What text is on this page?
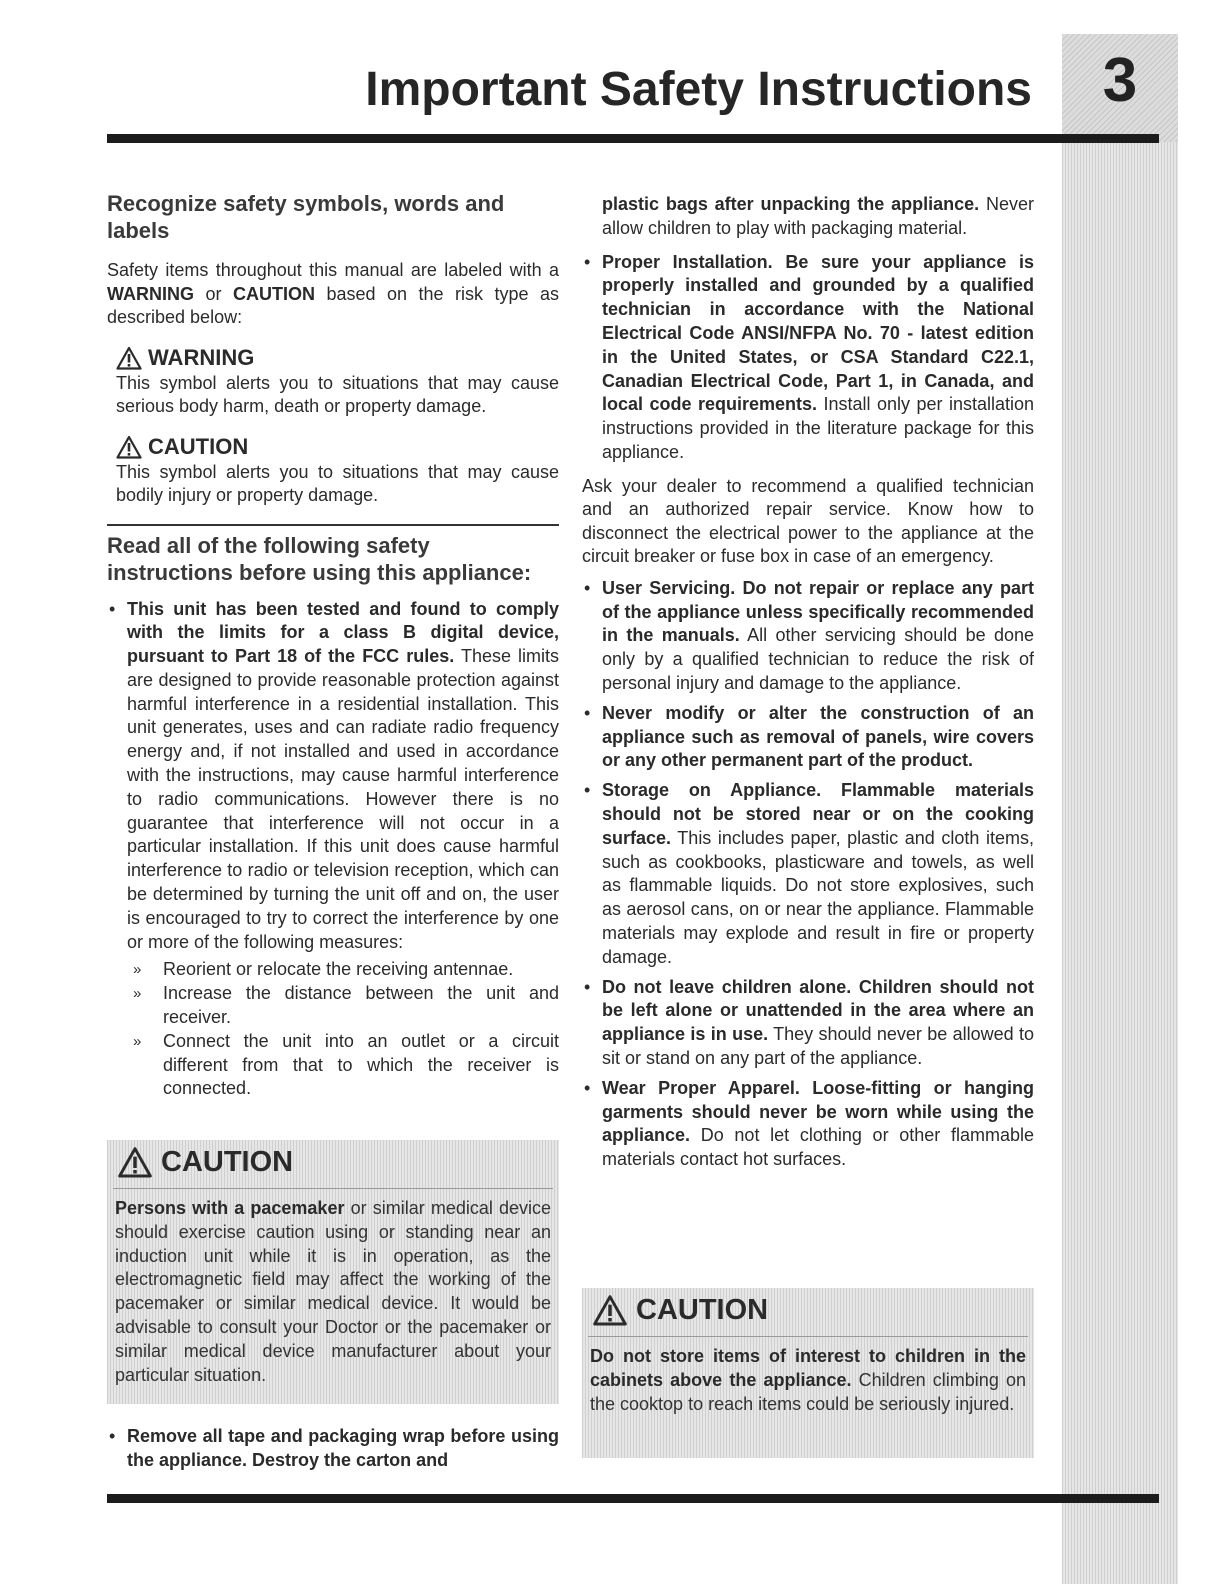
3
Important Safety Instructions
Recognize safety symbols, words and labels

Safety items throughout this manual are labeled with a WARNING or CAUTION based on the risk type as described below:

WARNING

This symbol alerts you to situations that may cause serious body harm, death or property damage.

CAUTION

This symbol alerts you to situations that may cause bodily injury or property damage.

Read all of the following safety instructions before using this appliance:
• This unit has been tested and found to comply with the limits for a class B digital device, pursuant to Part 18 of the FCC rules. These limits are designed to provide reasonable protection against harmful interference in a residential installation. This unit generates, uses and can radiate radio frequency energy and, if not installed and used in accordance with the instructions, may cause harmful interference to radio communications. However there is no guarantee that interference will not occur in a particular installation. If this unit does cause harmful interference to radio or television reception, which can be determined by turning the unit off and on, the user is encouraged to try to correct the interference by one or more of the following measures:
» Reorient or relocate the receiving antennae.
» Increase the distance between the unit and receiver.
» Connect the unit into an outlet or a circuit different from that to which the receiver is connected.
CAUTION
Persons with a pacemaker or similar medical device should exercise caution using or standing near an induction unit while it is in operation, as the electromagnetic field may affect the working of the pacemaker or similar medical device. It would be advisable to consult your Doctor or the pacemaker or similar medical device manufacturer about your particular situation.
• Remove all tape and packaging wrap before using the appliance. Destroy the carton and
plastic bags after unpacking the appliance. Never allow children to play with packaging material.
• Proper Installation. Be sure your appliance is properly installed and grounded by a qualified technician in accordance with the National Electrical Code ANSI/NFPA No. 70 - latest edition in the United States, or CSA Standard C22.1, Canadian Electrical Code, Part 1, in Canada, and local code requirements. Install only per installation instructions provided in the literature package for this appliance.

Ask your dealer to recommend a qualified technician and an authorized repair service. Know how to disconnect the electrical power to the appliance at the circuit breaker or fuse box in case of an emergency.

• User Servicing. Do not repair or replace any part of the appliance unless specifically recommended in the manuals. All other servicing should be done only by a qualified technician to reduce the risk of personal injury and damage to the appliance.
• Never modify or alter the construction of an appliance such as removal of panels, wire covers or any other permanent part of the product.
• Storage on Appliance. Flammable materials should not be stored near or on the cooking surface. This includes paper, plastic and cloth items, such as cookbooks, plasticware and towels, as well as flammable liquids. Do not store explosives, such as aerosol cans, on or near the appliance. Flammable materials may explode and result in fire or property damage.
• Do not leave children alone. Children should not be left alone or unattended in the area where an appliance is in use. They should never be allowed to sit or stand on any part of the appliance.
• Wear Proper Apparel. Loose-fitting or hanging garments should never be worn while using the appliance. Do not let clothing or other flammable materials contact hot surfaces.
CAUTION
Do not store items of interest to children in the cabinets above the appliance. Children climbing on the cooktop to reach items could be seriously injured.
